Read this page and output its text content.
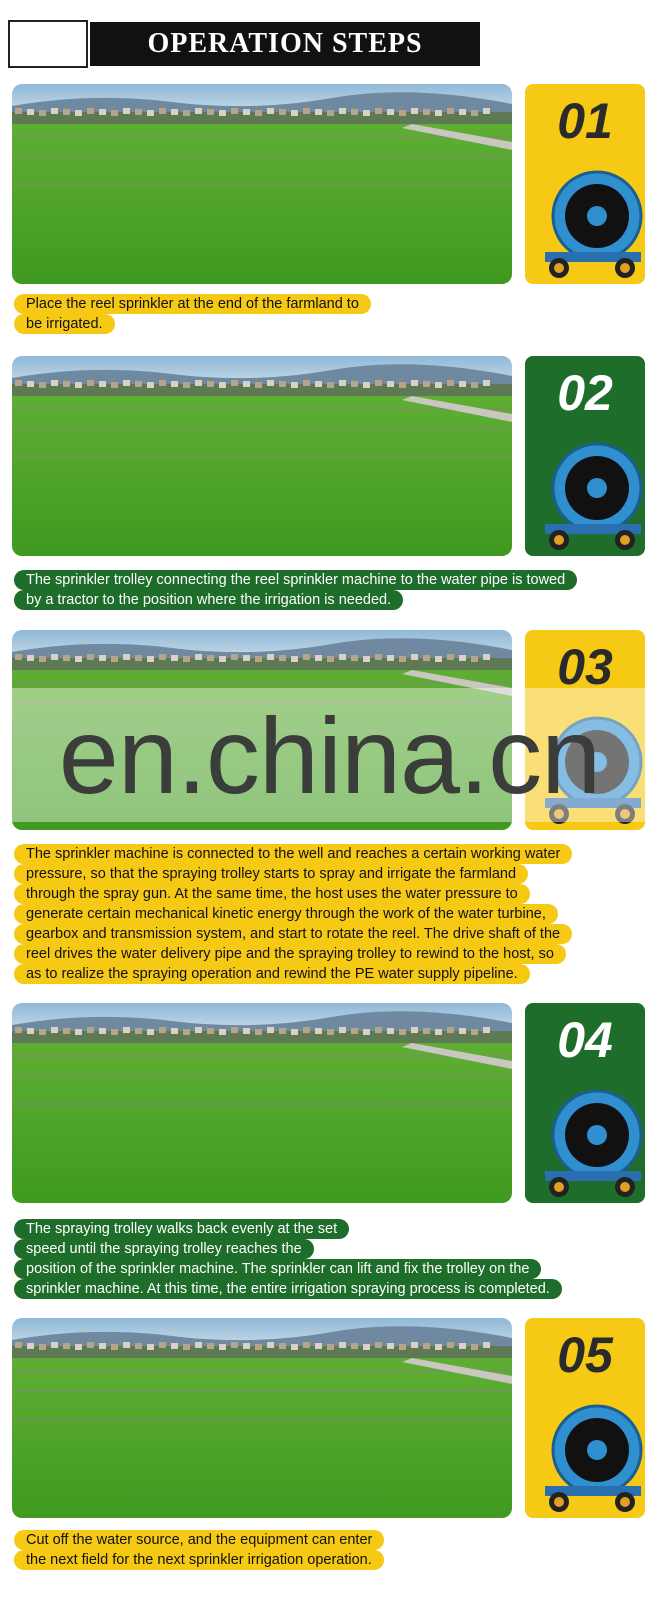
OPERATION STEPS
01
Place the reel sprinkler at the end of the farmland to
be irrigated.
02
The sprinkler trolley connecting the reel sprinkler machine to the water pipe is towed
by a tractor to the position where the irrigation is needed.
03
The sprinkler machine is connected to the well and reaches a certain working water
pressure, so that the spraying trolley starts to spray and irrigate the farmland
through the spray gun. At the same time, the host uses the water pressure to
generate certain mechanical kinetic energy through the work of the water turbine,
gearbox and transmission system, and start to rotate the reel. The drive shaft of the
reel drives the water delivery pipe and the spraying trolley to rewind to the host, so
as to realize the spraying operation and rewind the PE water supply pipeline.
04
The spraying trolley walks back evenly at the set
speed until the spraying trolley reaches the
position of the sprinkler machine. The sprinkler can lift and fix the trolley on the
sprinkler machine. At this time, the entire irrigation spraying process is completed.
05
Cut off the water source, and the equipment can enter
the next field for the next sprinkler irrigation operation.
en.china.cn
